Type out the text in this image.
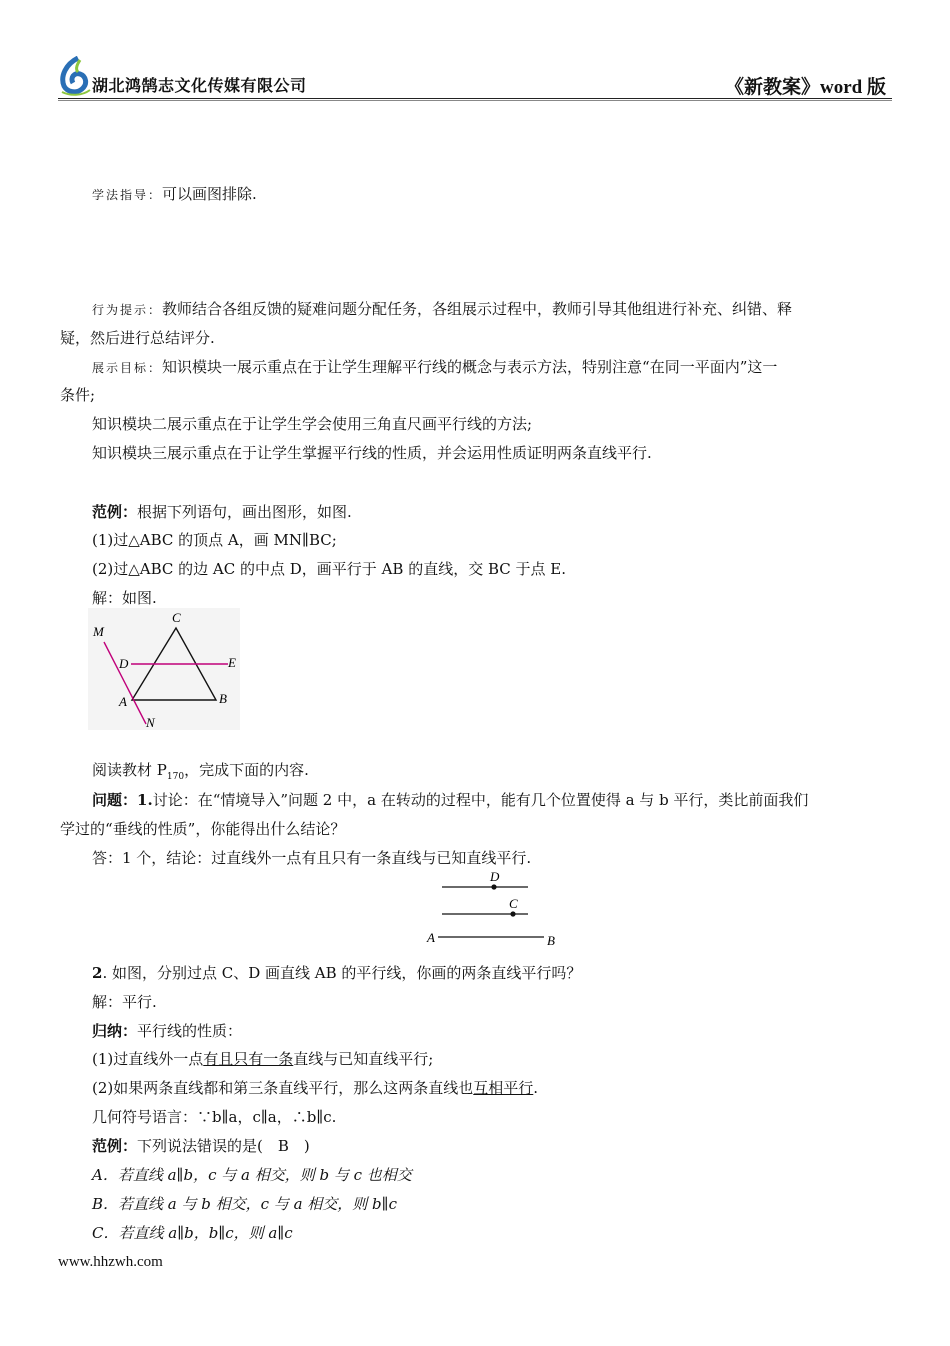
湖北鸿鹄志文化传媒有限公司	《新教案》word 版
学法指导：可以画图排除.
行为提示：教师结合各组反馈的疑难问题分配任务，各组展示过程中，教师引导其他组进行补充、纠错、释
疑，然后进行总结评分.
展示目标：知识模块一展示重点在于让学生理解平行线的概念与表示方法，特别注意“在同一平面内”这一
条件;
知识模块二展示重点在于让学生学会使用三角直尺画平行线的方法;
知识模块三展示重点在于让学生掌握平行线的性质，并会运用性质证明两条直线平行.
范例：根据下列语句，画出图形，如图.
(1)过△ABC 的顶点 A，画 MN∥BC;
(2)过△ABC 的边 AC 的中点 D，画平行于 AB 的直线，交 BC 于点 E.
解：如图.
M
C
D	E
A	B
N
阅读教材 $P_{170}$，完成下面的内容.
问题：1.讨论：在“情境导入”问题 2 中，a 在转动的过程中，能有几个位置使得 a 与 b 平行，类比前面我们
学过的“垂线的性质”，你能得出什么结论？
答：1 个，结论：过直线外一点有且只有一条直线与已知直线平行.
D
C
A	B
2. 如图，分别过点 C、D 画直线 AB 的平行线，你画的两条直线平行吗？
解：平行.
归纳：平行线的性质：
(1)过直线外一点有且只有一条直线与已知直线平行;
(2)如果两条直线都和第三条直线平行，那么这两条直线也互相平行.
几何符号语言：∵b∥a，c∥a，∴b∥c.
范例：下列说法错误的是(　B　)
A．若直线 a∥b，c 与 a 相交，则 b 与 c 也相交
B．若直线 a 与 b 相交，c 与 a 相交，则 b∥c
C．若直线 a∥b，b∥c，则 a∥c
www.hhzwh.com
